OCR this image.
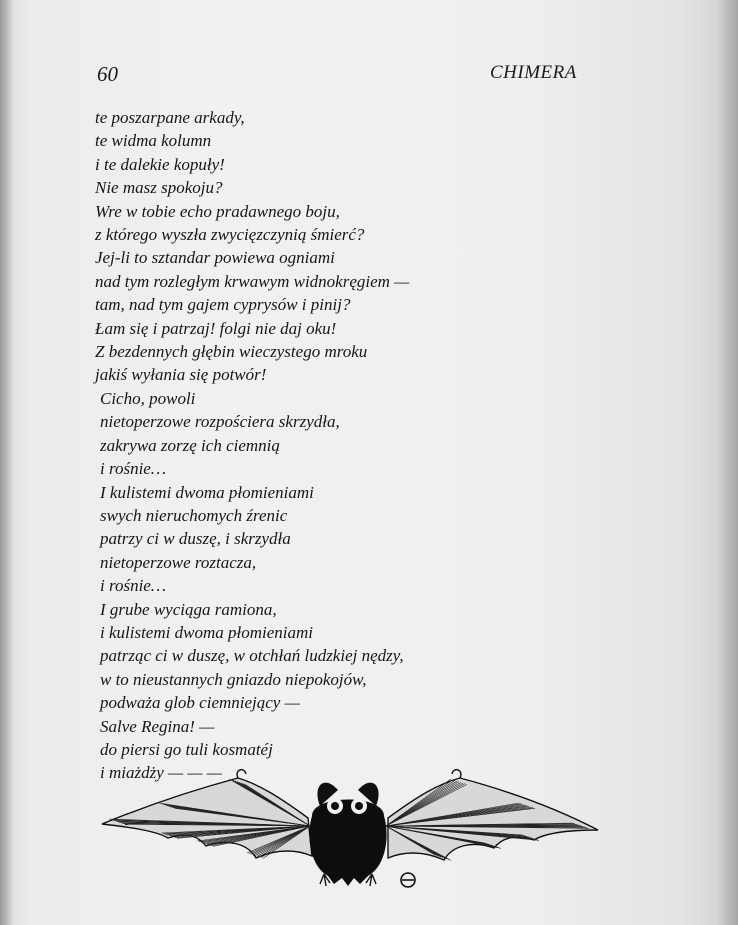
60	CHIMERA
te poszarpane arkady,
te widma kolumn
i te dalekie kopuły!
Nie masz spokoju?
Wre w tobie echo pradawnego boju,
z którego wyszła zwycięzczynią śmierć?
Jej-li to sztandar powiewa ogniami
nad tym rozległym krwawym widnokręgiem —
tam, nad tym gajem cyprysów i pinij?
Łam się i patrzaj! folgi nie daj oku!
Z bezdennych głębin wieczystego mroku
jakiś wyłania się potwór!
Cicho, powoli
nietoperzowe rozpościera skrzydła,
zakrywa zorzę ich ciemnią
i rośnie…
I kulistemi dwoma płomieniami
swych nieruchomych źrenic
patrzy ci w duszę, i skrzydła
nietoperzowe roztacza,
i rośnie…
I grube wyciąga ramiona,
i kulistemi dwoma płomieniami
patrząc ci w duszę, w otchłań ludzkiej nędzy,
w to nieustannych gniazdo niepokojów,
podważa glob ciemniejący —
Salve Regina! —
do piersi go tuli kosmatéj
i miażdży — — —
